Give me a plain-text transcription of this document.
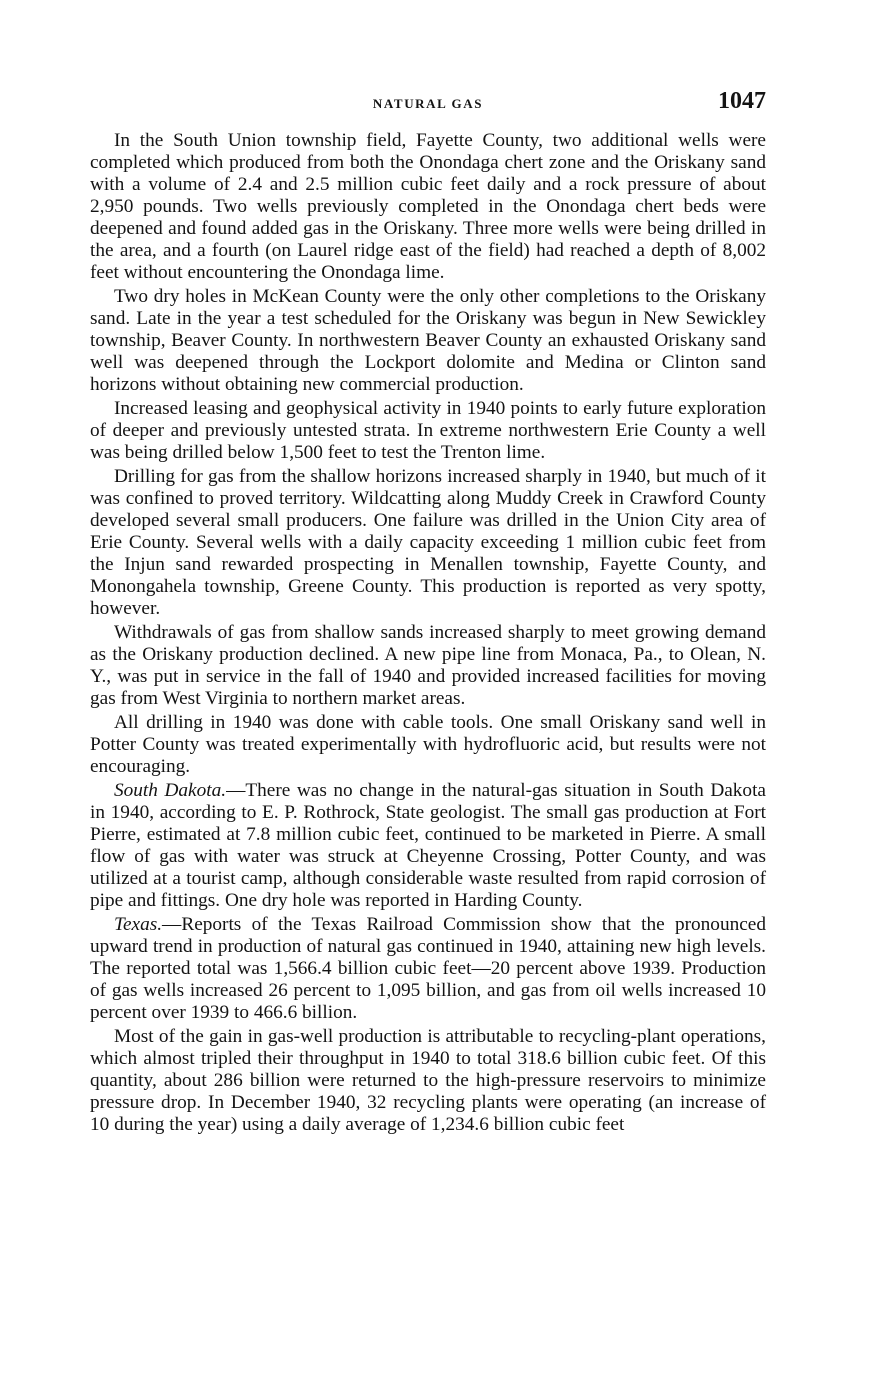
NATURAL GAS	1047

In the South Union township field, Fayette County, two additional wells were completed which produced from both the Onondaga chert zone and the Oriskany sand with a volume of 2.4 and 2.5 million cubic feet daily and a rock pressure of about 2,950 pounds. Two wells previously completed in the Onondaga chert beds were deepened and found added gas in the Oriskany. Three more wells were being drilled in the area, and a fourth (on Laurel ridge east of the field) had reached a depth of 8,002 feet without encountering the Onondaga lime.

Two dry holes in McKean County were the only other completions to the Oriskany sand. Late in the year a test scheduled for the Oriskany was begun in New Sewickley township, Beaver County. In northwestern Beaver County an exhausted Oriskany sand well was deepened through the Lockport dolomite and Medina or Clinton sand horizons without obtaining new commercial production.

Increased leasing and geophysical activity in 1940 points to early future exploration of deeper and previously untested strata. In extreme northwestern Erie County a well was being drilled below 1,500 feet to test the Trenton lime.

Drilling for gas from the shallow horizons increased sharply in 1940, but much of it was confined to proved territory. Wildcatting along Muddy Creek in Crawford County developed several small producers. One failure was drilled in the Union City area of Erie County. Several wells with a daily capacity exceeding 1 million cubic feet from the Injun sand rewarded prospecting in Menallen township, Fayette County, and Monongahela township, Greene County. This production is reported as very spotty, however.

Withdrawals of gas from shallow sands increased sharply to meet growing demand as the Oriskany production declined. A new pipe line from Monaca, Pa., to Olean, N. Y., was put in service in the fall of 1940 and provided increased facilities for moving gas from West Virginia to northern market areas.

All drilling in 1940 was done with cable tools. One small Oriskany sand well in Potter County was treated experimentally with hydrofluoric acid, but results were not encouraging.

South Dakota.—There was no change in the natural-gas situation in South Dakota in 1940, according to E. P. Rothrock, State geologist. The small gas production at Fort Pierre, estimated at 7.8 million cubic feet, continued to be marketed in Pierre. A small flow of gas with water was struck at Cheyenne Crossing, Potter County, and was utilized at a tourist camp, although considerable waste resulted from rapid corrosion of pipe and fittings. One dry hole was reported in Harding County.

Texas.—Reports of the Texas Railroad Commission show that the pronounced upward trend in production of natural gas continued in 1940, attaining new high levels. The reported total was 1,566.4 billion cubic feet—20 percent above 1939. Production of gas wells increased 26 percent to 1,095 billion, and gas from oil wells increased 10 percent over 1939 to 466.6 billion.

Most of the gain in gas-well production is attributable to recycling-plant operations, which almost tripled their throughput in 1940 to total 318.6 billion cubic feet. Of this quantity, about 286 billion were returned to the high-pressure reservoirs to minimize pressure drop. In December 1940, 32 recycling plants were operating (an increase of 10 during the year) using a daily average of 1,234.6 billion cubic feet
